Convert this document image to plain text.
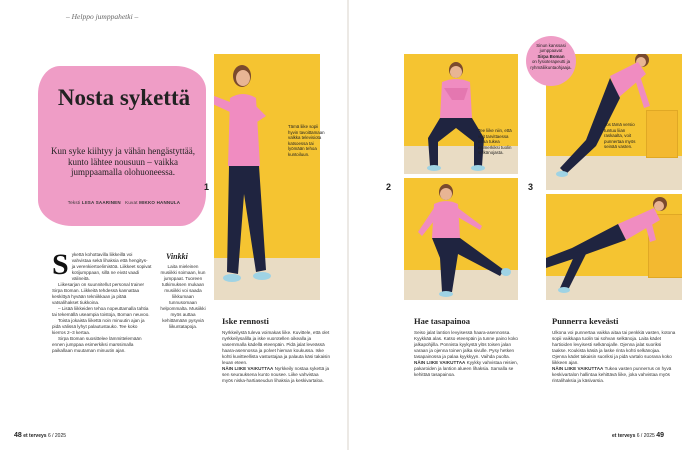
– Helppo jumppahetki –
Nosta sykettä
Kun syke kiihtyy ja vähän hengästyttää, kunto lähtee nousuun – vaikka jumppaamalla olohuoneessa.
Teksti LIISA SAARINEN Kuvat MIKKO HANNULA
S ykettä kohottavilla liikkeillä voi vahvistaa sekä lihaksia että hengitys- ja verenkiertoelimistöä. Liikkeet sopivat kotijumppaan, sillä ne eivät vaadi välineitä.
Liikesarjan on suunnitellut personal trainer Sirpa Boman. Liikkeitä tehdessä kannattaa keskittyä hyvään tekniikkaan ja pitää vatsalihakset tiukkoina.
– Lisää liikkeiden tehoa nopeuttamalla tahtia tai tekemällä useampia toistoja, Boman neuvoo.
Toista jokaista liikettä noin minuutin ajan ja pidä välissä lyhyt palautustauko. Tee koko kierros 2–3 kertaa.
Sirpa Boman suosittelee lämmittelemään ennen jumppaa esimerkiksi marssimalla paikallaan muutaman minuutin ajan.
Vinkki
Laita mieleinen musiikki soimaan, kun jumppaat. Tuoreen tutkimuksen mukaan musiikki voi saada liikkumaan tunnusomaan helpommalta. Musiikki myös auttaa kehittämään pysyviä liikuntatapoja.
Tämä liike sopii hyvin tavoittamaan valkka televisiota katsoessa tai lyömään tehoa kuntoiluun.
1
Iske rennosti
Nyrkkeilystä tuleva voimakas liike. Kuvittele, että olet nyrkkeilysalilla ja iske vuorotellen oikealla ja vasemmalla kädellä eteenpäin. Pidä jalat leveässä haara-asennossa ja polvet hieman koukussa. Iske kohti kuvitteellista vastustajaa ja palauta käsi takaisin leuan eteen.
NÄIN LIIKE VAIKUTTAA Nyrkkeily nostaa sykettä ja sen seurauksena kunto nousee. Liike vahvistaa myös niska-hartiaseudun lihaksia ja keskivartaloa.
Tee liike niin, että voit tarvittaessa ottaa tukea esimerkiksi tuolin selkänojasta.
2
Hae tasapainoa
Seiso jalat lantion levyisessä haara-asennossa. Kyykkää alas. Katso eteenpäin ja tunne paino koko jalkapohjilla. Ponnista kyykystä ylös toisen jalan varaan ja ojenna toinen jalka sivulle. Pysy hetken tasapainossa ja palaa kyykkyyn. Vaihda puolta.
NÄIN LIIKE VAIKUTTAA Kyykky vahvistaa reisien, pakaroiden ja lantion alueen lihaksia. Samalla se kehittää tasapainoa.
Jos tämä versio tuntuu liian raskaalta, voit punnertaa myös seinää vasten.
3
Sinun kanssasi jumppaavat
Sirpa Boman
on fysioterapeutti ja ryhmäliikuntaohjaaja.
Punnerra keveästi
Ulkona voi punnertaa vaikka aitaa tai penkkiä vasten, kotona sopii vaikkapa tuolin tai sohvan selkänoja. Laita kädet hartioiden levyisesti selkänojalle. Ojenna jalat suoriksi taakse. Koukista käsiä ja laske rinta kohti selkänojaa. Ojenna kädet takaisin suoriksi ja pidä vartalo suorana koko liikkeen ajan.
NÄIN LIIKE VAIKUTTAA Tukea vasten punnerrus on hyvä keskivartalon hallintaa kehittävä liike, joka vahvistaa myös rintalihaksia ja käsivarsia.
48 et terveys 6 / 2025	et terveys 6 / 2025 49
